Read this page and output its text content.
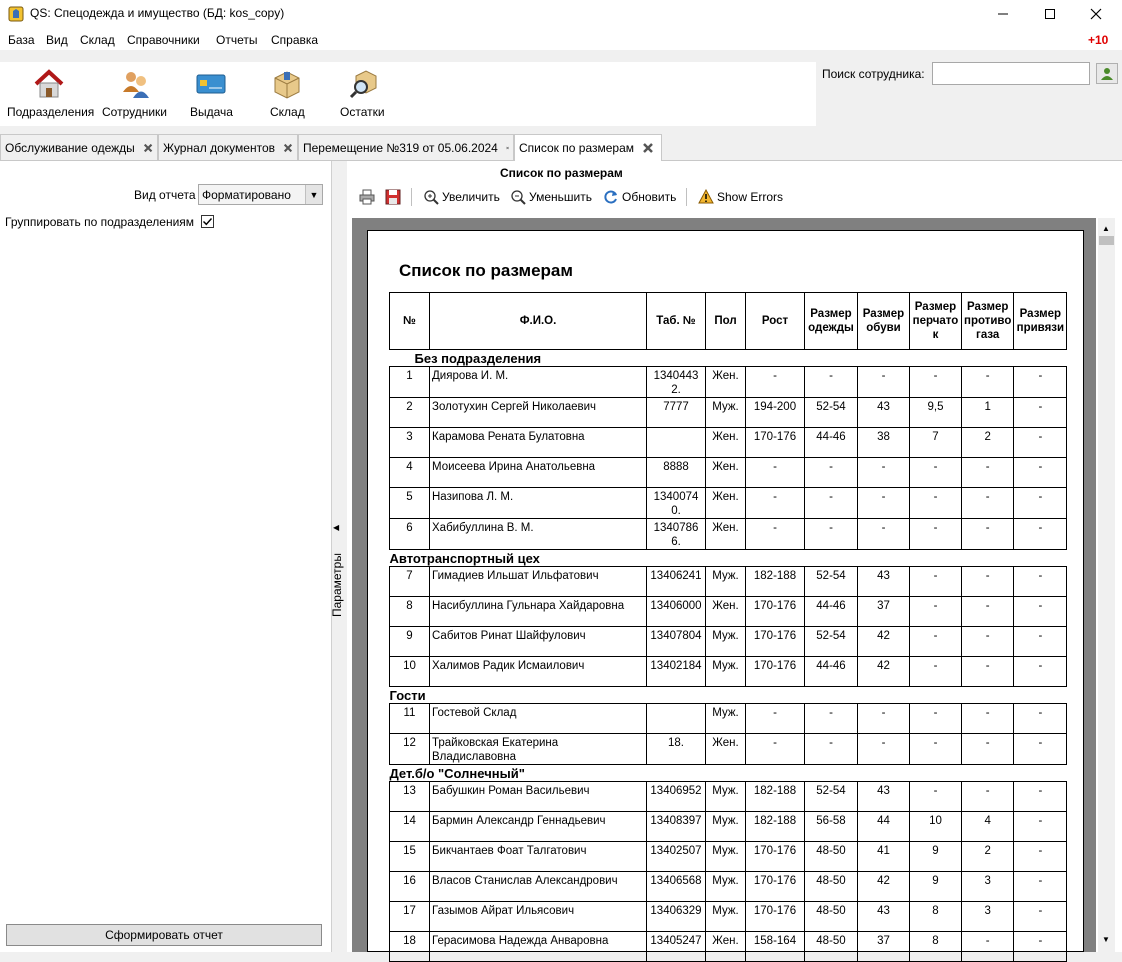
QS: Спецодежда и имущество (БД: kos_copy)
База Вид Склад Справочники Отчеты Справка	+10
Подразделения Сотрудники Выдача	Склад	Остатки
Поиск сотрудника:
Обслуживание одежды Журнал документов Перемещение №319 от 05.06.2024 Список по размерам
Вид отчета Форматировано	▼
Группировать по подразделениям
Сформировать отчет
◀
Параметры
Список по размерам
Увеличить Уменьшить	Обновить	Show Errors
▲
▼
Список по размерам
№	Ф.И.О.	Таб. №	Пол	Рост	Размер одежды	Размер обуви	Размер перчато к	Размер противо газа	Размер привязи
Без подразделения									
1	Диярова И. М.	13404432.	Жен.	-	-	-	-	-	-
2	Золотухин Сергей Николаевич	7777	Муж.	194-200	52-54	43	9,5	1	-
3	Карамова Рената Булатовна		Жен.	170-176	44-46	38	7	2	-
4	Моисеева Ирина Анатольевна	8888	Жен.	-	-	-	-	-	-
5	Назипова Л. М.	13400740.	Жен.	-	-	-	-	-	-
6	Хабибуллина В. М.	13407866.	Жен.	-	-	-	-	-	-
Автотранспортный цех									
7	Гимадиев Ильшат Ильфатович	13406241	Муж.	182-188	52-54	43	-	-	-
8	Насибуллина Гульнара Хайдаровна	13406000	Жен.	170-176	44-46	37	-	-	-
9	Сабитов Ринат Шайфулович	13407804	Муж.	170-176	52-54	42	-	-	-
10	Халимов Радик Исмаилович	13402184	Муж.	170-176	44-46	42	-	-	-
Гости									
11	Гостевой Склад		Муж.	-	-	-	-	-	-
12	Трайковская Екатерина Владиславовна	18.	Жен.	-	-	-	-	-	-
Дет.б/о "Солнечный"									
13	Бабушкин Роман Васильевич	13406952	Муж.	182-188	52-54	43	-	-	-
14	Бармин Александр Геннадьевич	13408397	Муж.	182-188	56-58	44	10	4	-
15	Бикчантаев Фоат Талгатович	13402507	Муж.	170-176	48-50	41	9	2	-
16	Власов Станислав Александрович	13406568	Муж.	170-176	48-50	42	9	3	-
17	Газымов Айрат Ильясович	13406329	Муж.	170-176	48-50	43	8	3	-
18	Герасимова Надежда Анваровна	13405247	Жен.	158-164	48-50	37	8	-	-
